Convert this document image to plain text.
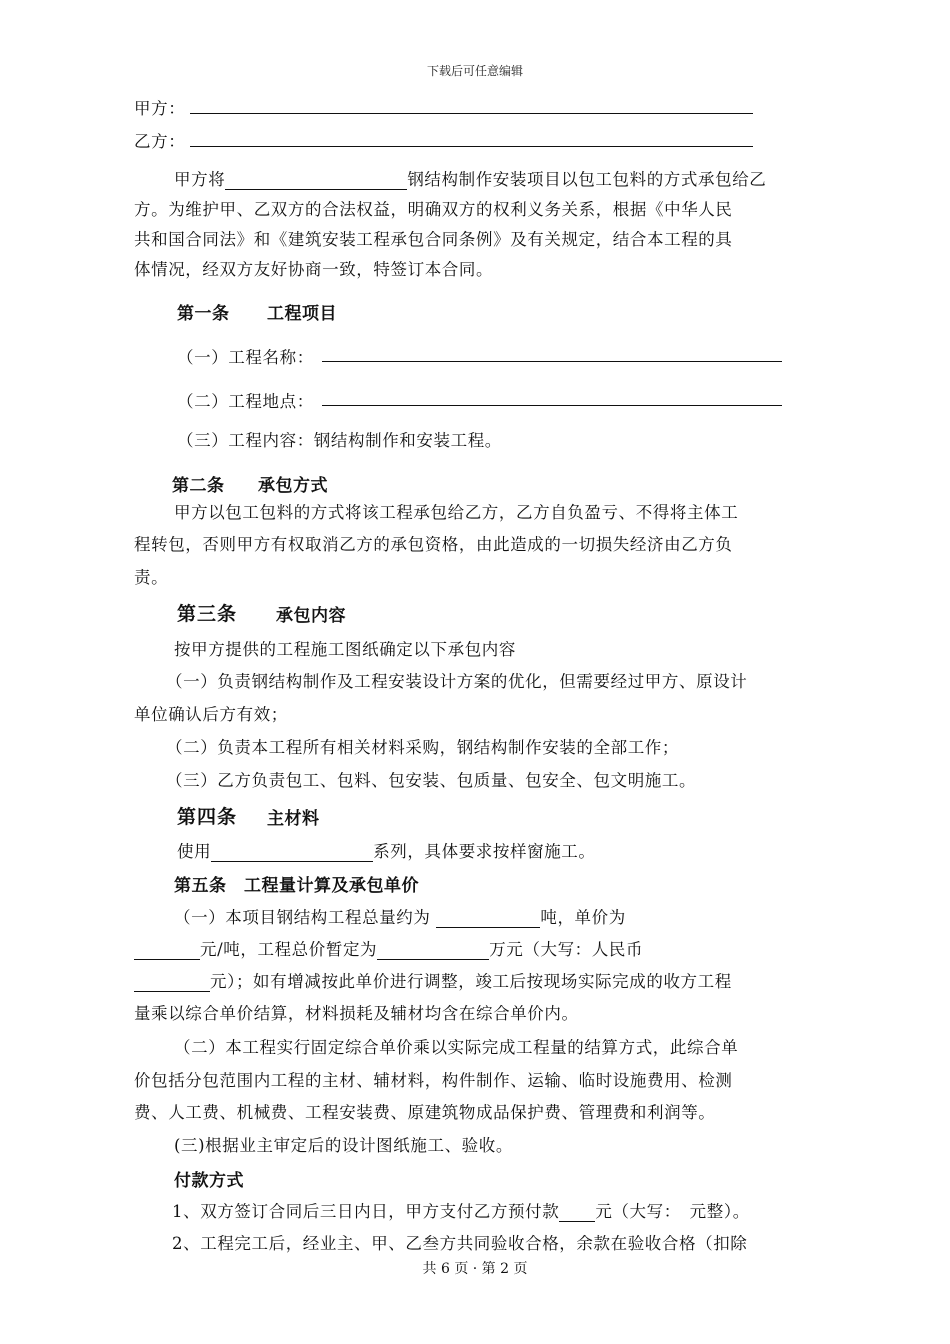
下载后可任意编辑
甲方：
乙方：
甲方将	钢结构制作安装项目以包工包料的方式承包给乙
方。为维护甲、乙双方的合法权益，明确双方的权利义务关系，根据《中华人民
共和国合同法》和《建筑安装工程承包合同条例》及有关规定，结合本工程的具
体情况，经双方友好协商一致，特签订本合同。
第一条 工程项目
（一）工程名称：
（二）工程地点：
（三）工程内容：钢结构制作和安装工程。
第二条 承包方式
甲方以包工包料的方式将该工程承包给乙方，乙方自负盈亏、不得将主体工
程转包，否则甲方有权取消乙方的承包资格，由此造成的一切损失经济由乙方负
责。
第三条 承包内容
按甲方提供的工程施工图纸确定以下承包内容
（一）负责钢结构制作及工程安装设计方案的优化，但需要经过甲方、原设计
单位确认后方有效；
（二）负责本工程所有相关材料采购，钢结构制作安装的全部工作；
（三）乙方负责包工、包料、包安装、包质量、包安全、包文明施工。
第四条 主材料
使用	系列，具体要求按样窗施工。
第五条　工程量计算及承包单价
（一）本项目钢结构工程总量约为	吨，单价为
元/吨，工程总价暂定为	万元（大写：人民币
元）；如有增减按此单价进行调整，竣工后按现场实际完成的收方工程
量乘以综合单价结算，材料损耗及辅材均含在综合单价内。
（二）本工程实行固定综合单价乘以实际完成工程量的结算方式，此综合单
价包括分包范围内工程的主材、辅材料，构件制作、运输、临时设施费用、检测
费、人工费、机械费、工程安装费、原建筑物成品保护费、管理费和利润等。
(三)根据业主审定后的设计图纸施工、验收。
付款方式
1、双方签订合同后三日内日，甲方支付乙方预付款 元（大写：　元整）。
2、工程完工后，经业主、甲、乙叁方共同验收合格，余款在验收合格（扣除
共 6 页 · 第 2 页
